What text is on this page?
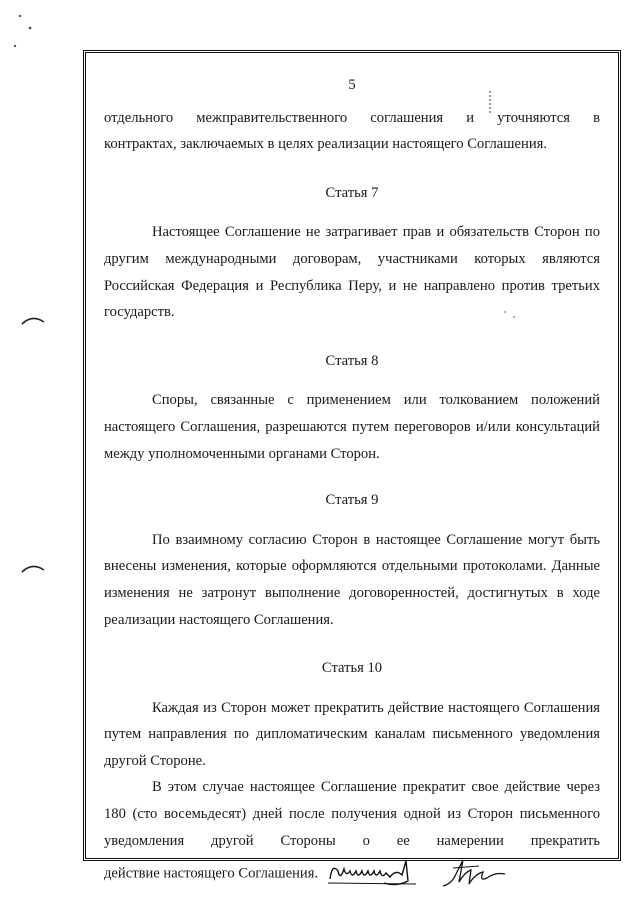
5

отдельного межправительственного соглашения и уточняются в

контрактах, заключаемых в целях реализации настоящего Соглашения.

Статья 7

Настоящее Соглашение не затрагивает прав и обязательств Сторон по другим международными договорам, участниками которых являются Российская Федерация и Республика Перу, и не направлено против третьих государств.

Статья 8

Споры, связанные с применением или толкованием положений настоящего Соглашения, разрешаются путем переговоров и/или консультаций между уполномоченными органами Сторон.

Статья 9

По взаимному согласию Сторон в настоящее Соглашение могут быть внесены изменения, которые оформляются отдельными протоколами. Данные изменения не затронут выполнение договоренностей, достигнутых в ходе реализации настоящего Соглашения.

Статья 10

Каждая из Сторон может прекратить действие настоящего Соглашения путем направления по дипломатическим каналам письменного уведомления другой Стороне.

В этом случае настоящее Соглашение прекратит свое действие через 180 (сто восемьдесят) дней после получения одной из Сторон письменного уведомления другой Стороны о ее намерении прекратить

действие настоящего Соглашения.
